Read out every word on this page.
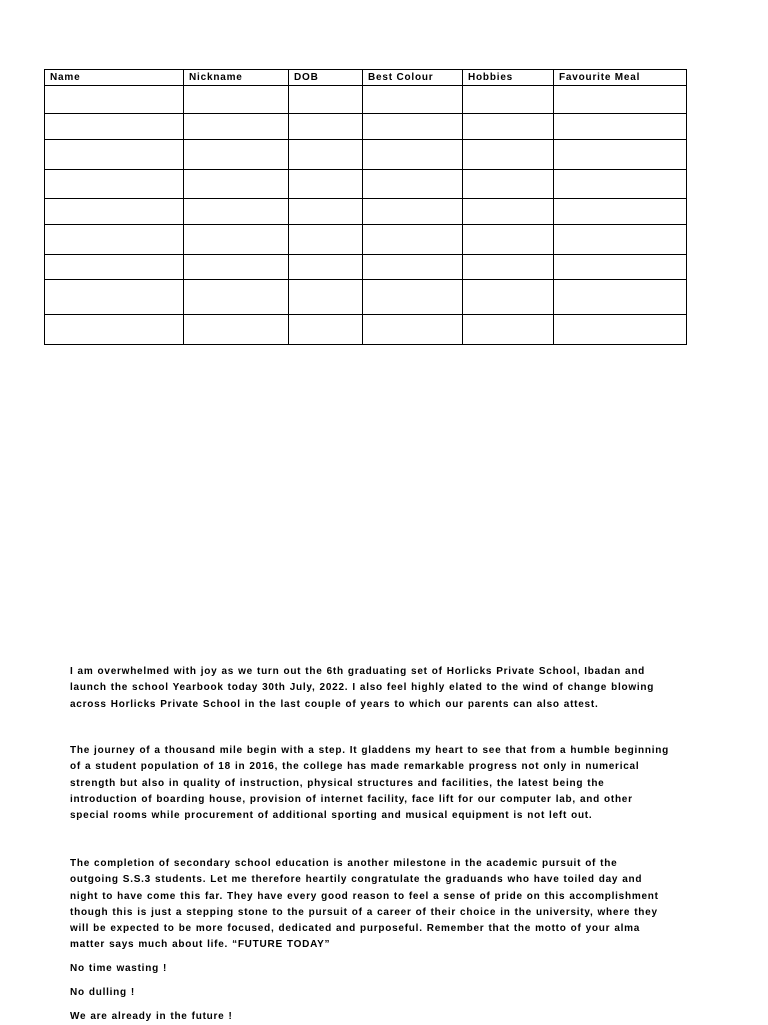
Name	Nickname	DOB	Best Colour	Hobbies	Favourite Meal

I am overwhelmed with joy as we turn out the 6th graduating set of Horlicks Private School, Ibadan and

launch the school Yearbook today 30th July, 2022. I also feel highly elated to the wind of change blowing

across Horlicks Private School in the last couple of years to which our parents can also attest.

The journey of a thousand mile begin with a step. It gladdens my heart to see that from a humble beginning

of a student population of 18 in 2016, the college has made remarkable progress not only in numerical

strength but also in quality of instruction, physical structures and facilities, the latest being the

introduction of boarding house, provision of internet facility, face lift for our computer lab, and other

special rooms while procurement of additional sporting and musical equipment is not left out.

The completion of secondary school education is another milestone in the academic pursuit of the

outgoing S.S.3 students. Let me therefore heartily congratulate the graduands who have toiled day and

night to have come this far. They have every good reason to feel a sense of pride on this accomplishment

though this is just a stepping stone to the pursuit of a career of their choice in the university, where they

will be expected to be more focused, dedicated and purposeful. Remember that the motto of your alma

matter says much about life. “FUTURE TODAY”

No time wasting !
No dulling !
We are already in the future !
